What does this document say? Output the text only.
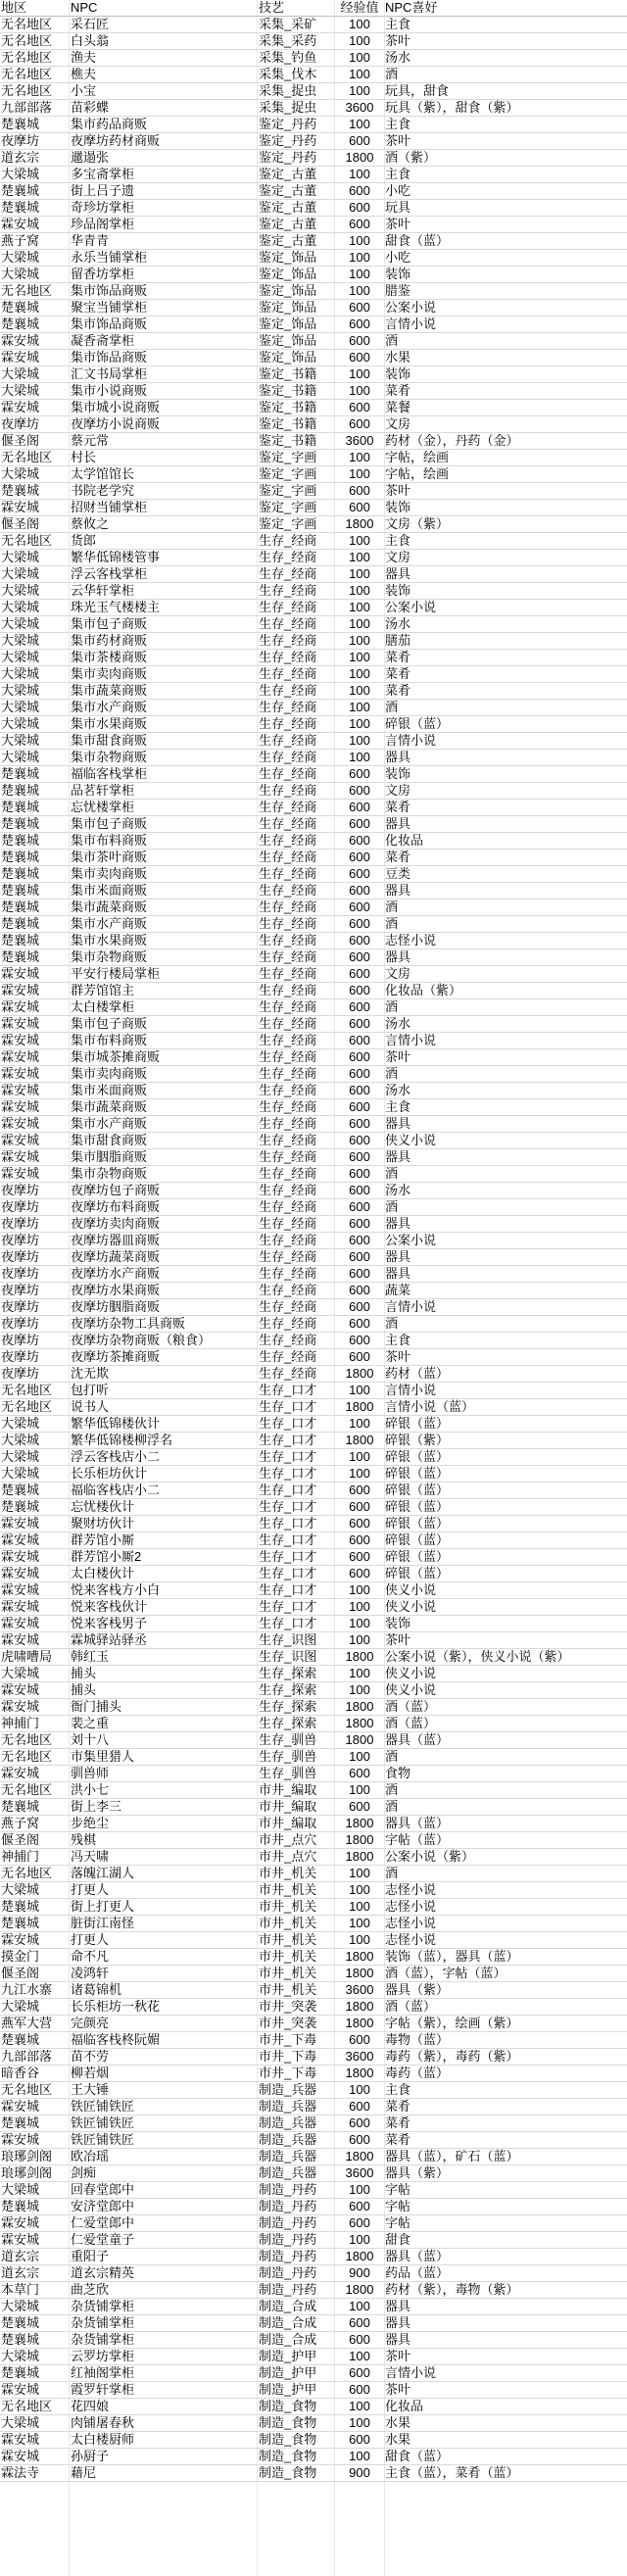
地区	NPC	技艺	经验值 NPC喜好
无名地区	采石匠	采集_采矿	100	主食
无名地区	白头翁	采集_采药	100	茶叶
无名地区	渔夫	采集_钓鱼	100	汤水
无名地区	樵夫	采集_伐木	100	酒
无名地区	小宝	采集_捉虫	100	玩具，甜食
九部部落	苗彩蝶	采集_捉虫	3600 玩具（紫），甜食（紫）
楚襄城	集市药品商贩	鉴定_丹药	100	主食
夜摩坊	夜摩坊药材商贩	鉴定_丹药	600	茶叶
道玄宗	邋遢张	鉴定_丹药	1800 酒（紫）
大梁城	多宝斋掌柜	鉴定_古董	100	主食
楚襄城	街上吕子遗	鉴定_古董	600	小吃
楚襄城	奇珍坊掌柜	鉴定_古董	600	玩具
霖安城	珍品阁掌柜	鉴定_古董	600	茶叶
燕子窝	华青青	鉴定_古董	100	甜食（蓝）
大梁城	永乐当铺掌柜	鉴定_饰品	100	小吃
大梁城	留香坊掌柜	鉴定_饰品	100	装饰
无名地区	集市饰品商贩	鉴定_饰品	100	腊鉴
楚襄城	聚宝当铺掌柜	鉴定_饰品	600	公案小说
楚襄城	集市饰品商贩	鉴定_饰品	600	言情小说
霖安城	凝香斋掌柜	鉴定_饰品	600	酒
霖安城	集市饰品商贩	鉴定_饰品	600	水果
大梁城	汇文书局掌柜	鉴定_书籍	100	装饰
大梁城	集市小说商贩	鉴定_书籍	100	菜肴
霖安城	集市城小说商贩	鉴定_书籍	600	菜餐
夜摩坊	夜摩坊小说商贩	鉴定_书籍	600	文房
偃圣阁	蔡元常	鉴定_书籍	3600 药材（金），丹药（金）
无名地区	村长	鉴定_字画	100	字帖，绘画
大梁城	太学馆馆长	鉴定_字画	100	字帖，绘画
楚襄城	书院老学究	鉴定_字画	600	茶叶
霖安城	招财当铺掌柜	鉴定_字画	600	装饰
偃圣阁	蔡攸之	鉴定_字画	1800 文房（紫）
无名地区	货郎	生存_经商	100	主食
大梁城	繁华低锦楼管事	生存_经商	100	文房
大梁城	浮云客栈掌柜	生存_经商	100	器具
大梁城	云华轩掌柜	生存_经商	100	装饰
大梁城	珠光玉气楼楼主	生存_经商	100	公案小说
大梁城	集市包子商贩	生存_经商	100	汤水
大梁城	集市药材商贩	生存_经商	100	膳茄
大梁城	集市茶楼商贩	生存_经商	100	菜肴
大梁城	集市卖肉商贩	生存_经商	100	菜肴
大梁城	集市蔬菜商贩	生存_经商	100	菜肴
大梁城	集市水产商贩	生存_经商	100	酒
大梁城	集市水果商贩	生存_经商	100	碎银（蓝）
大梁城	集市甜食商贩	生存_经商	100	言情小说
大梁城	集市杂物商贩	生存_经商	100	器具
楚襄城	福临客栈掌柜	生存_经商	600	装饰
楚襄城	品茗轩掌柜	生存_经商	600	文房
楚襄城	忘忧楼掌柜	生存_经商	600	菜肴
楚襄城	集市包子商贩	生存_经商	600	器具
楚襄城	集市布料商贩	生存_经商	600	化妆品
楚襄城	集市茶叶商贩	生存_经商	600	菜肴
楚襄城	集市卖肉商贩	生存_经商	600	豆类
楚襄城	集市米面商贩	生存_经商	600	器具
楚襄城	集市蔬菜商贩	生存_经商	600	酒
楚襄城	集市水产商贩	生存_经商	600	酒
楚襄城	集市水果商贩	生存_经商	600	志怪小说
楚襄城	集市杂物商贩	生存_经商	600	器具
霖安城	平安行楼局掌柜	生存_经商	600	文房
霖安城	群芳馆馆主	生存_经商	600	化妆品（紫）
霖安城	太白楼掌柜	生存_经商	600	酒
霖安城	集市包子商贩	生存_经商	600	汤水
霖安城	集市布料商贩	生存_经商	600	言情小说
霖安城	集市城茶摊商贩	生存_经商	600	茶叶
霖安城	集市卖肉商贩	生存_经商	600	酒
霖安城	集市米面商贩	生存_经商	600	汤水
霖安城	集市蔬菜商贩	生存_经商	600	主食
霖安城	集市水产商贩	生存_经商	600	器具
霖安城	集市甜食商贩	生存_经商	600	侠义小说
霖安城	集市胭脂商贩	生存_经商	600	器具
霖安城	集市杂物商贩	生存_经商	600	酒
夜摩坊	夜摩坊包子商贩	生存_经商	600	汤水
夜摩坊	夜摩坊布料商贩	生存_经商	600	酒
夜摩坊	夜摩坊卖肉商贩	生存_经商	600	器具
夜摩坊	夜摩坊器皿商贩	生存_经商	600	公案小说
夜摩坊	夜摩坊蔬菜商贩	生存_经商	600	器具
夜摩坊	夜摩坊水产商贩	生存_经商	600	器具
夜摩坊	夜摩坊水果商贩	生存_经商	600	蔬菜
夜摩坊	夜摩坊胭脂商贩	生存_经商	600	言情小说
夜摩坊	夜摩坊杂物工具商贩	生存_经商	600	酒
夜摩坊	夜摩坊杂物商贩（粮食）	生存_经商	600	主食
夜摩坊	夜摩坊茶摊商贩	生存_经商	600	茶叶
夜摩坊	沈无欺	生存_经商	1800 药材（蓝）
无名地区	包打听	生存_口才	100	言情小说
无名地区	说书人	生存_口才	1800 言情小说（蓝）
大梁城	繁华低锦楼伙计	生存_口才	100	碎银（蓝）
大梁城	繁华低锦楼柳浮名	生存_口才	1800 碎银（紫）
大梁城	浮云客栈店小二	生存_口才	100	碎银（蓝）
大梁城	长乐柜坊伙计	生存_口才	100	碎银（蓝）
楚襄城	福临客栈店小二	生存_口才	600	碎银（蓝）
楚襄城	忘忧楼伙计	生存_口才	600	碎银（蓝）
霖安城	聚财坊伙计	生存_口才	600	碎银（蓝）
霖安城	群芳馆小厮	生存_口才	600	碎银（蓝）
霖安城	群芳馆小厮2	生存_口才	600	碎银（蓝）
霖安城	太白楼伙计	生存_口才	600	碎银（蓝）
霖安城	悦来客栈方小白	生存_口才	100	侠义小说
霖安城	悦来客栈伙计	生存_口才	100	侠义小说
霖安城	悦来客栈男子	生存_口才	100	装饰
霖安城	霖城驿站驿丞	生存_识图	100	茶叶
虎啸嘈局	韩红玉	生存_识图	1800 公案小说（紫），侠义小说（紫）
大梁城	捕头	生存_探索	100	侠义小说
霖安城	捕头	生存_探索	100	侠义小说
霖安城	衙门捕头	生存_探索	1800 酒（蓝）
神捕门	裴之重	生存_探索	1800 酒（蓝）
无名地区	刘十八	生存_驯兽	1800 器具（蓝）
无名地区	市集里猎人	生存_驯兽	100	酒
霖安城	驯兽师	生存_驯兽	600	食物
无名地区	洪小七	市井_编取	100	酒
楚襄城	街上李三	市井_编取	600	酒
燕子窝	步绝尘	市井_编取	1800 器具（蓝）
偃圣阁	残棋	市井_点穴	1800 字帖（蓝）
神捕门	冯天啸	市井_点穴	1800 公案小说（紫）
无名地区	落魄江湖人	市井_机关	100	酒
大梁城	打更人	市井_机关	100	志怪小说
楚襄城	街上打更人	市井_机关	100	志怪小说
楚襄城	脏街江南怪	市井_机关	100	志怪小说
霖安城	打更人	市井_机关	100	志怪小说
摸金门	命不凡	市井_机关	1800 装饰（蓝），器具（蓝）
偃圣阁	凌鸿轩	市井_机关	1800 酒（蓝），字帖（蓝）
九江水寨	诸葛锦机	市井_机关	3600 器具（紫）
大梁城	长乐柜坊一秋花	市井_突袭	1800 酒（蓝）
燕军大营	完颜亮	市井_突袭	1800 字帖（紫），绘画（紫）
楚襄城	福临客栈柊阮媚	市井_下毒	600	毒物（蓝）
九部部落	苗不劳	市井_下毒	3600 毒药（紫），毒药（紫）
暗香谷	柳若烟	市井_下毒	1800 毒药（蓝）
无名地区	王大锤	制造_兵器	100	主食
霖安城	铁匠铺铁匠	制造_兵器	600	菜肴
楚襄城	铁匠铺铁匠	制造_兵器	600	菜肴
霖安城	铁匠铺铁匠	制造_兵器	600	菜肴
琅琊剑阁	欧冶瑶	制造_兵器	1800 器具（蓝），矿石（蓝）
琅琊剑阁	剑痴	制造_兵器	3600 器具（紫）
大梁城	回春堂郎中	制造_丹药	100	字帖
楚襄城	安济堂郎中	制造_丹药	600	字帖
霖安城	仁爱堂郎中	制造_丹药	600	字帖
霖安城	仁爱堂童子	制造_丹药	100	甜食
道玄宗	重阳子	制造_丹药	1800 器具（蓝）
道玄宗	道玄宗精英	制造_丹药	900	药品（蓝）
本草门	曲芝欣	制造_丹药	1800 药材（紫），毒物（紫）
大梁城	杂货铺掌柜	制造_合成	100	器具
楚襄城	杂货铺掌柜	制造_合成	600	器具
楚襄城	杂货铺掌柜	制造_合成	600	器具
大梁城	云罗坊掌柜	制造_护甲	100	茶叶
楚襄城	红袖阁掌柜	制造_护甲	600	言情小说
霖安城	霞罗轩掌柜	制造_护甲	600	茶叶
无名地区	花四娘	制造_食物	100	化妆品
大梁城	肉铺屠春秋	制造_食物	100	水果
霖安城	太白楼厨师	制造_食物	600	水果
霖安城	孙厨子	制造_食物	100	甜食（蓝）
霖法寺	藉尼	制造_食物	900	主食（蓝），菜肴（蓝）
